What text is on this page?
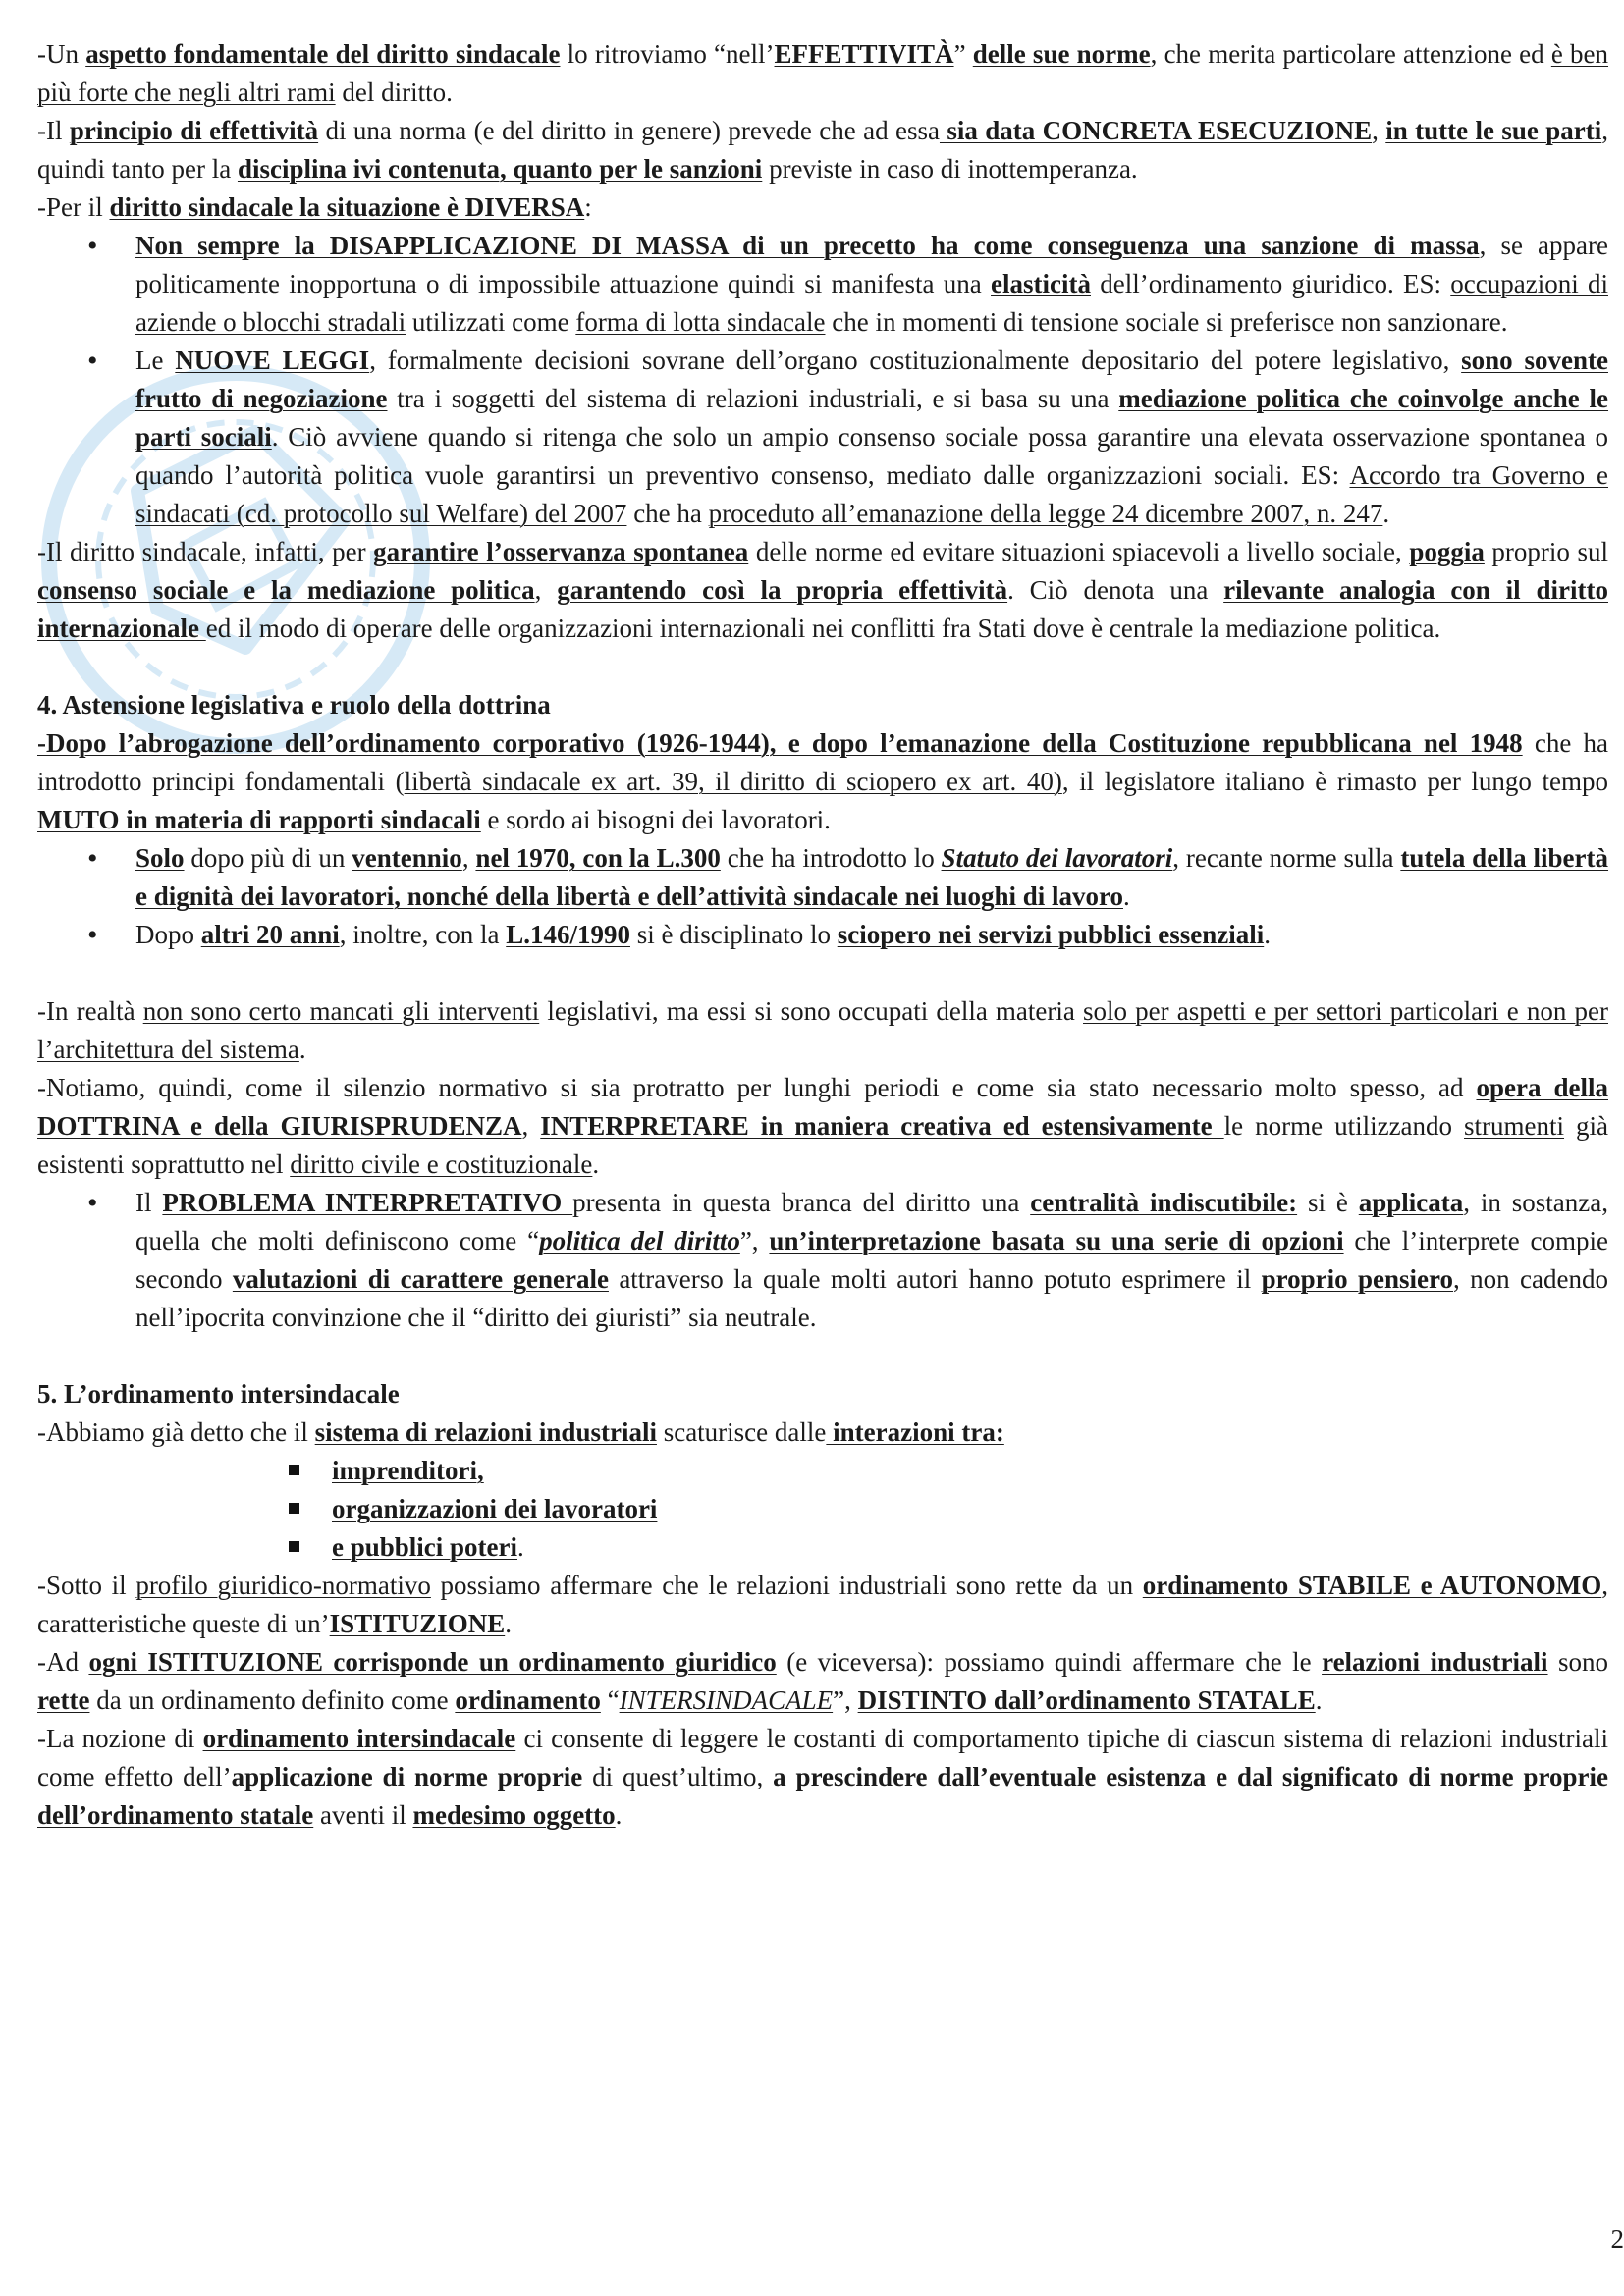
-Un aspetto fondamentale del diritto sindacale lo ritroviamo “nell’EFFETTIVITÀ” delle sue norme, che merita particolare attenzione ed è ben più forte che negli altri rami del diritto.

-Il principio di effettività di una norma (e del diritto in genere) prevede che ad essa sia data CONCRETA ESECUZIONE, in tutte le sue parti, quindi tanto per la disciplina ivi contenuta, quanto per le sanzioni previste in caso di inottemperanza.

-Per il diritto sindacale la situazione è DIVERSA:

• Non sempre la DISAPPLICAZIONE DI MASSA di un precetto ha come conseguenza una sanzione di massa, se appare politicamente inopportuna o di impossibile attuazione quindi si manifesta una elasticità dell’ordinamento giuridico. ES: occupazioni di aziende o blocchi stradali utilizzati come forma di lotta sindacale che in momenti di tensione sociale si preferisce non sanzionare.
• Le NUOVE LEGGI, formalmente decisioni sovrane dell’organo costituzionalmente depositario del potere legislativo, sono sovente frutto di negoziazione tra i soggetti del sistema di relazioni industriali, e si basa su una mediazione politica che coinvolge anche le parti sociali. Ciò avviene quando si ritenga che solo un ampio consenso sociale possa garantire una elevata osservazione spontanea o quando l’autorità politica vuole garantirsi un preventivo consenso, mediato dalle organizzazioni sociali. ES: Accordo tra Governo e sindacati (cd. protocollo sul Welfare) del 2007 che ha proceduto all’emanazione della legge 24 dicembre 2007, n. 247.

-Il diritto sindacale, infatti, per garantire l’osservanza spontanea delle norme ed evitare situazioni spiacevoli a livello sociale, poggia proprio sul consenso sociale e la mediazione politica, garantendo così la propria effettività. Ciò denota una rilevante analogia con il diritto internazionale ed il modo di operare delle organizzazioni internazionali nei conflitti fra Stati dove è centrale la mediazione politica.

4. Astensione legislativa e ruolo della dottrina

-Dopo l’abrogazione dell’ordinamento corporativo (1926-1944), e dopo l’emanazione della Costituzione repubblicana nel 1948 che ha introdotto principi fondamentali (libertà sindacale ex art. 39, il diritto di sciopero ex art. 40), il legislatore italiano è rimasto per lungo tempo MUTO in materia di rapporti sindacali e sordo ai bisogni dei lavoratori.

• Solo dopo più di un ventennio, nel 1970, con la L.300 che ha introdotto lo Statuto dei lavoratori, recante norme sulla tutela della libertà e dignità dei lavoratori, nonché della libertà e dell’attività sindacale nei luoghi di lavoro.
• Dopo altri 20 anni, inoltre, con la L.146/1990 si è disciplinato lo sciopero nei servizi pubblici essenziali.

-In realtà non sono certo mancati gli interventi legislativi, ma essi si sono occupati della materia solo per aspetti e per settori particolari e non per l’architettura del sistema.

-Notiamo, quindi, come il silenzio normativo si sia protratto per lunghi periodi e come sia stato necessario molto spesso, ad opera della DOTTRINA e della GIURISPRUDENZA, INTERPRETARE in maniera creativa ed estensivamente le norme utilizzando strumenti già esistenti soprattutto nel diritto civile e costituzionale.

• Il PROBLEMA INTERPRETATIVO presenta in questa branca del diritto una centralità indiscutibile: si è applicata, in sostanza, quella che molti definiscono come “politica del diritto”, un’interpretazione basata su una serie di opzioni che l’interprete compie secondo valutazioni di carattere generale attraverso la quale molti autori hanno potuto esprimere il proprio pensiero, non cadendo nell’ipocrita convinzione che il “diritto dei giuristi” sia neutrale.
5. L’ordinamento intersindacale

-Abbiamo già detto che il sistema di relazioni industriali scaturisce dalle interazioni tra:

imprenditori,
organizzazioni dei lavoratori
e pubblici poteri.

-Sotto il profilo giuridico-normativo possiamo affermare che le relazioni industriali sono rette da un ordinamento STABILE e AUTONOMO, caratteristiche queste di un’ISTITUZIONE.

-Ad ogni ISTITUZIONE corrisponde un ordinamento giuridico (e viceversa): possiamo quindi affermare che le relazioni industriali sono rette da un ordinamento definito come ordinamento “INTERSINDACALE”, DISTINTO dall’ordinamento STATALE.

-La nozione di ordinamento intersindacale ci consente di leggere le costanti di comportamento tipiche di ciascun sistema di relazioni industriali come effetto dell’applicazione di norme proprie di quest’ultimo, a prescindere dall’eventuale esistenza e dal significato di norme proprie dell’ordinamento statale aventi il medesimo oggetto.

2
